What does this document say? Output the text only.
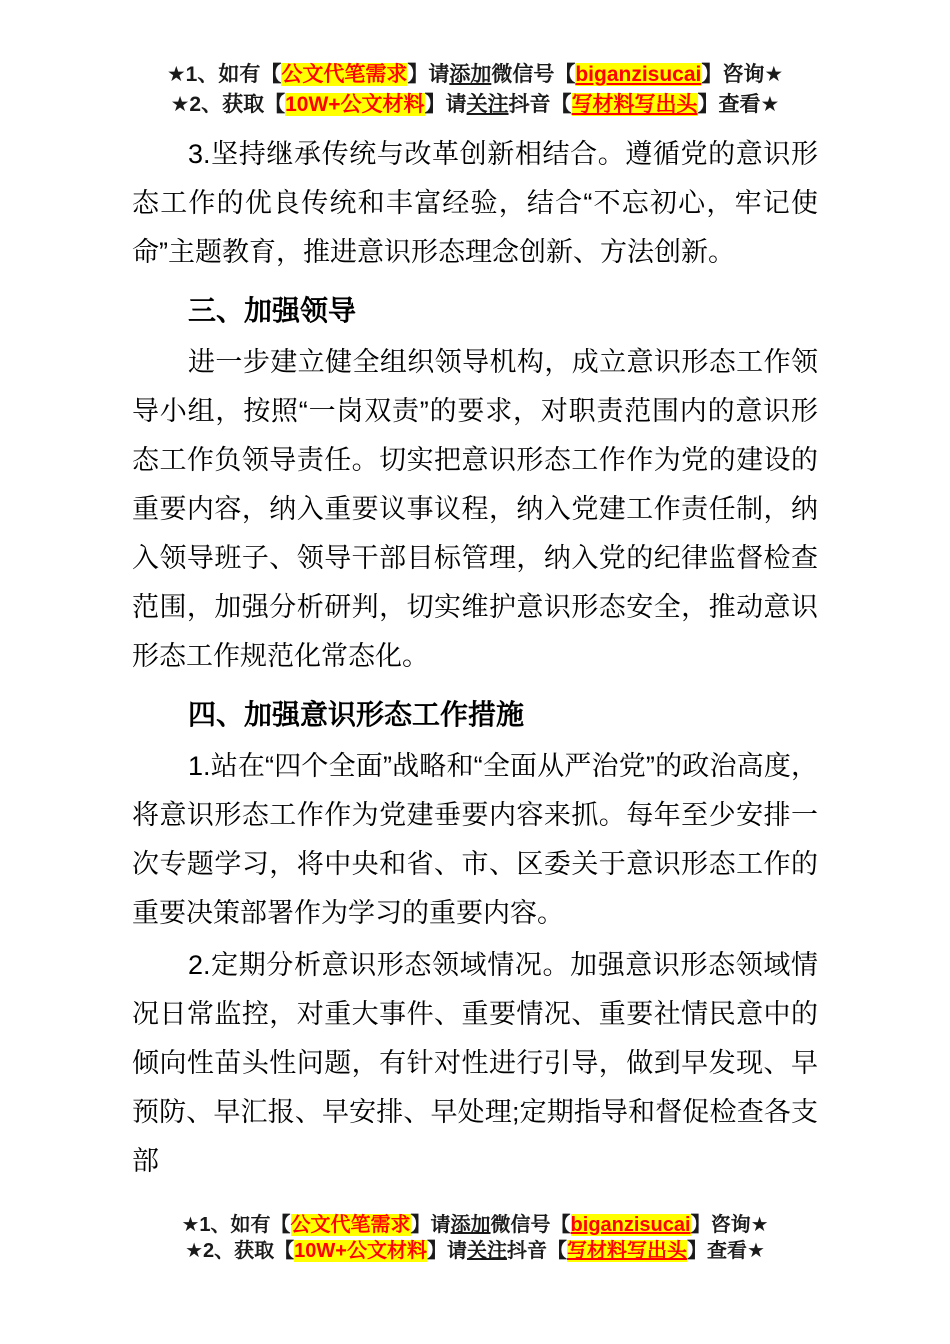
★1、如有【公文代笔需求】请添加微信号【biganzisucai】咨询★
★2、获取【10W+公文材料】请关注抖音【写材料写出头】查看★

3.坚持继承传统与改革创新相结合。遵循党的意识形态工作的优良传统和丰富经验，结合“不忘初心，牢记使命”主题教育，推进意识形态理念创新、方法创新。

三、加强领导

进一步建立健全组织领导机构，成立意识形态工作领导小组，按照“一岗双责”的要求，对职责范围内的意识形态工作负领导责任。切实把意识形态工作作为党的建设的重要内容，纳入重要议事议程，纳入党建工作责任制，纳入领导班子、领导干部目标管理，纳入党的纪律监督检查范围，加强分析研判，切实维护意识形态安全，推动意识形态工作规范化常态化。

四、加强意识形态工作措施

1.站在“四个全面”战略和“全面从严治党”的政治高度，将意识形态工作作为党建垂要内容来抓。每年至少安排一次专题学习，将中央和省、市、区委关于意识形态工作的重要决策部署作为学习的重要内容。

2.定期分析意识形态领域情况。加强意识形态领域情况日常监控，对重大事件、重要情况、重要社情民意中的倾向性苗头性问题，有针对性进行引导，做到早发现、早预防、早汇报、早安排、早处理;定期指导和督促检查各支部

★1、如有【公文代笔需求】请添加微信号【biganzisucai】咨询★
★2、获取【10W+公文材料】请关注抖音【写材料写出头】查看★
